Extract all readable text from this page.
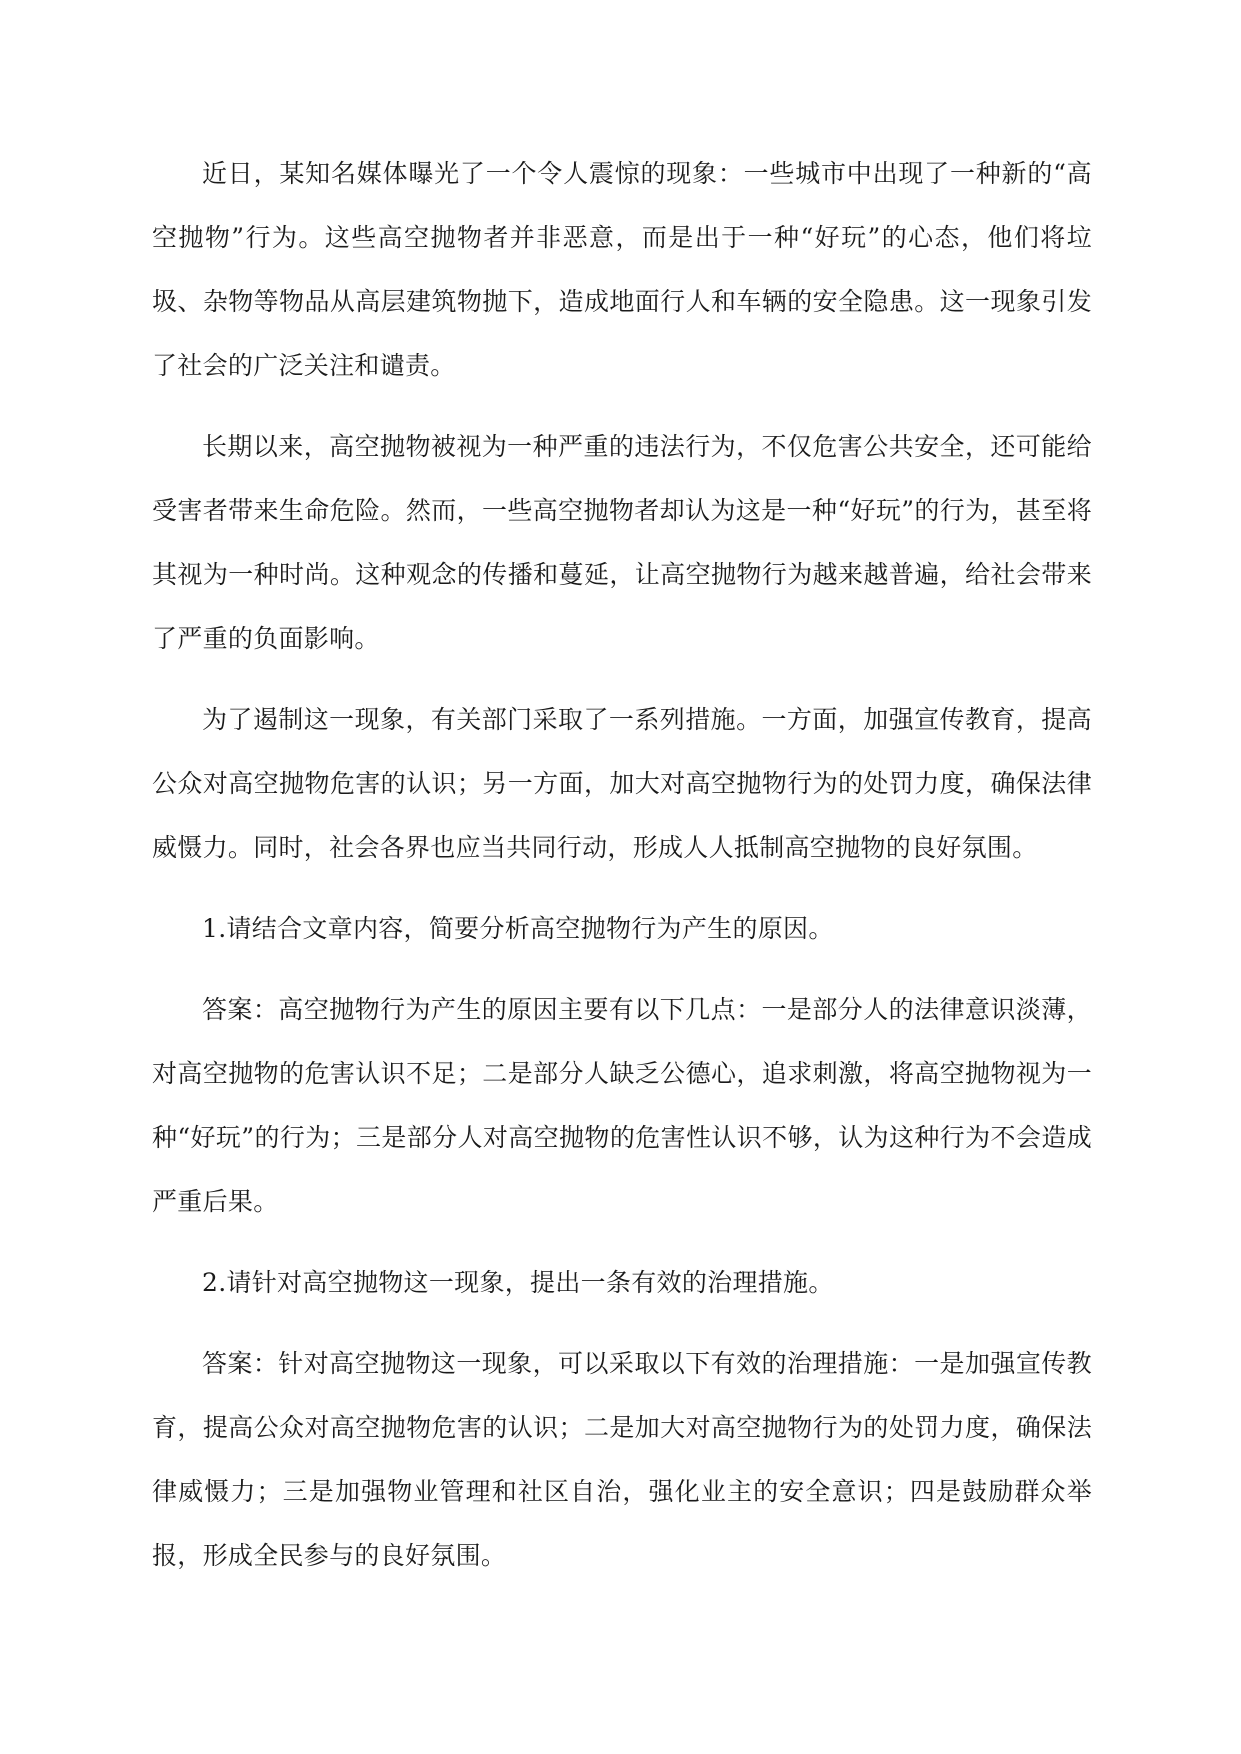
近日，某知名媒体曝光了一个令人震惊的现象：一些城市中出现了一种新的“高空抛物”行为。这些高空抛物者并非恶意，而是出于一种“好玩”的心态，他们将垃圾、杂物等物品从高层建筑物抛下，造成地面行人和车辆的安全隐患。这一现象引发了社会的广泛关注和谴责。

长期以来，高空抛物被视为一种严重的违法行为，不仅危害公共安全，还可能给受害者带来生命危险。然而，一些高空抛物者却认为这是一种“好玩”的行为，甚至将其视为一种时尚。这种观念的传播和蔓延，让高空抛物行为越来越普遍，给社会带来了严重的负面影响。

为了遏制这一现象，有关部门采取了一系列措施。一方面，加强宣传教育，提高公众对高空抛物危害的认识；另一方面，加大对高空抛物行为的处罚力度，确保法律威慑力。同时，社会各界也应当共同行动，形成人人抵制高空抛物的良好氛围。

1.请结合文章内容，简要分析高空抛物行为产生的原因。

答案：高空抛物行为产生的原因主要有以下几点：一是部分人的法律意识淡薄，对高空抛物的危害认识不足；二是部分人缺乏公德心，追求刺激，将高空抛物视为一种“好玩”的行为；三是部分人对高空抛物的危害性认识不够，认为这种行为不会造成严重后果。

2.请针对高空抛物这一现象，提出一条有效的治理措施。

答案：针对高空抛物这一现象，可以采取以下有效的治理措施：一是加强宣传教育，提高公众对高空抛物危害的认识；二是加大对高空抛物行为的处罚力度，确保法律威慑力；三是加强物业管理和社区自治，强化业主的安全意识；四是鼓励群众举报，形成全民参与的良好氛围。
